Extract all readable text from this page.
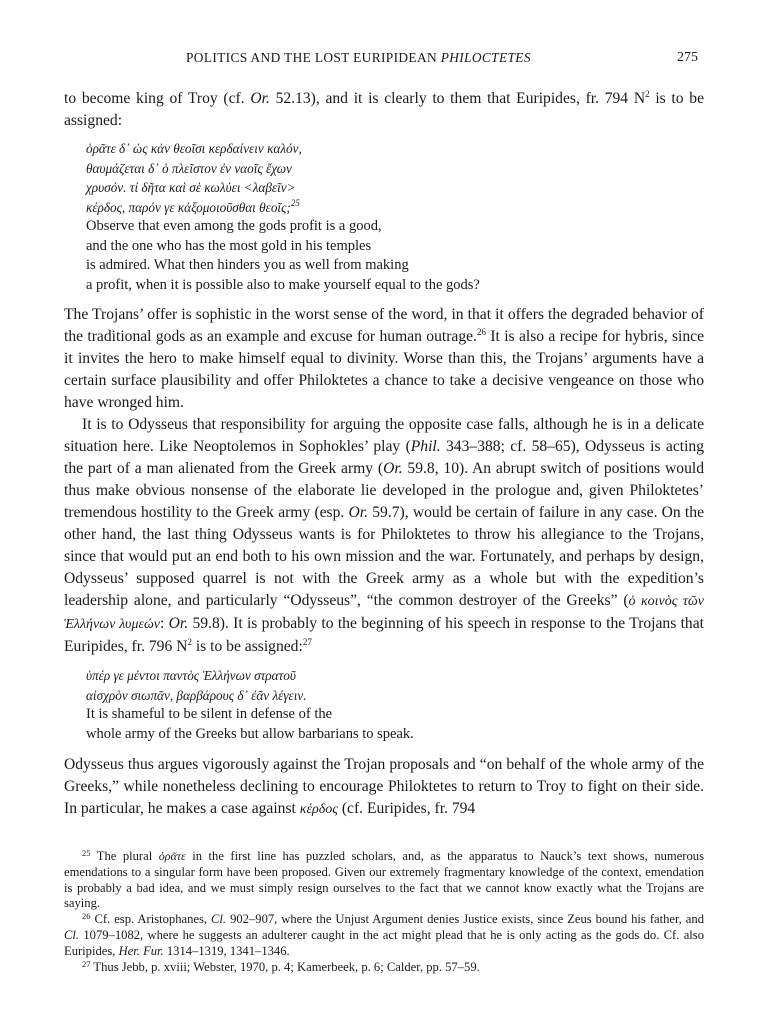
POLITICS AND THE LOST EURIPIDEAN PHILOCTETES	275

to become king of Troy (cf. Or. 52.13), and it is clearly to them that Euripides, fr. 794 $N^2$ is to be assigned:

ὁρᾶτε δ᾽ ὡς κἀν θεοῖσι κερδαίνειν καλόν,

θαυμάζεται δ᾽ ὁ πλεῖστον ἐν ναοῖς ἔχων

χρυσόν. τί δῆτα καὶ σὲ κωλύει <λαβεῖν>

κέρδος, παρόν γε κἀξομοιοῦσθαι θεοῖς;$^{25}$

Observe that even among the gods profit is a good,

and the one who has the most gold in his temples

is admired. What then hinders you as well from making

a profit, when it is possible also to make yourself equal to the gods?

The Trojans’ offer is sophistic in the worst sense of the word, in that it offers the degraded behavior of the traditional gods as an example and excuse for human outrage.$^{26}$ It is also a recipe for hybris, since it invites the hero to make himself equal to divinity. Worse than this, the Trojans’ arguments have a certain surface plausibility and offer Philoktetes a chance to take a decisive vengeance on those who have wronged him.

It is to Odysseus that responsibility for arguing the opposite case falls, although he is in a delicate situation here. Like Neoptolemos in Sophokles’ play (Phil. 343–388; cf. 58–65), Odysseus is acting the part of a man alienated from the Greek army (Or. 59.8, 10). An abrupt switch of positions would thus make obvious nonsense of the elaborate lie developed in the prologue and, given Philoktetes’ tremendous hostility to the Greek army (esp. Or. 59.7), would be certain of failure in any case. On the other hand, the last thing Odysseus wants is for Philoktetes to throw his allegiance to the Trojans, since that would put an end both to his own mission and the war. Fortunately, and perhaps by design, Odysseus’ supposed quarrel is not with the Greek army as a whole but with the expedition’s leadership alone, and particularly “Odysseus”, “the common destroyer of the Greeks” (ὁ κοινὸς τῶν Ἑλλήνων λυμεών: Or. 59.8). It is probably to the beginning of his speech in response to the Trojans that Euripides, fr. 796 $N^2$ is to be assigned:$^{27}$

ὑπέρ γε μέντοι παντὸς Ἑλλήνων στρατοῦ

αἰσχρὸν σιωπᾶν, βαρβάρους δ᾽ ἐᾶν λέγειν.

It is shameful to be silent in defense of the

whole army of the Greeks but allow barbarians to speak.

Odysseus thus argues vigorously against the Trojan proposals and “on behalf of the whole army of the Greeks,” while nonetheless declining to encourage Philoktetes to return to Troy to fight on their side. In particular, he makes a case against κέρδος (cf. Euripides, fr. 794

$^{25}$ The plural ὁρᾶτε in the first line has puzzled scholars, and, as the apparatus to Nauck’s text shows, numerous emendations to a singular form have been proposed. Given our extremely fragmentary knowledge of the context, emendation is probably a bad idea, and we must simply resign ourselves to the fact that we cannot know exactly what the Trojans are saying.

$^{26}$ Cf. esp. Aristophanes, Cl. 902–907, where the Unjust Argument denies Justice exists, since Zeus bound his father, and Cl. 1079–1082, where he suggests an adulterer caught in the act might plead that he is only acting as the gods do. Cf. also Euripides, Her. Fur. 1314–1319, 1341–1346.

$^{27}$ Thus Jebb, p. xviii; Webster, 1970, p. 4; Kamerbeek, p. 6; Calder, pp. 57–59.
